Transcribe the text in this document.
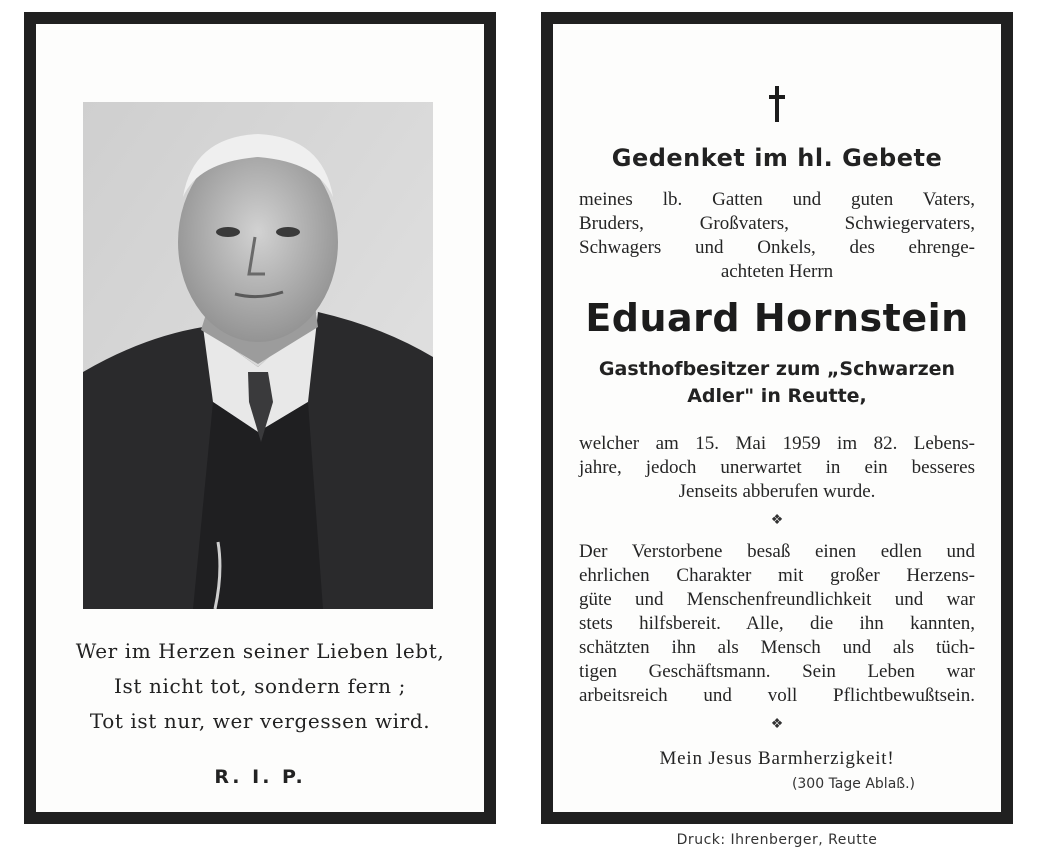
Wer im Herzen seiner Lieben lebt,
Ist nicht tot, sondern fern ;
Tot ist nur, wer vergessen wird.
R. I. P.
Gedenket im hl. Gebete
meines lb. Gatten und guten Vaters,
Bruders, Großvaters, Schwiegervaters,
Schwagers und Onkels, des ehrenge-
achteten Herrn
Eduard Hornstein
Gasthofbesitzer zum „Schwarzen
Adler" in Reutte,
welcher am 15. Mai 1959 im 82. Lebens-
jahre, jedoch unerwartet in ein besseres
Jenseits abberufen wurde.
❖
Der Verstorbene besaß einen edlen und
ehrlichen Charakter mit großer Herzens-
güte und Menschenfreundlichkeit und war
stets hilfsbereit. Alle, die ihn kannten,
schätzten ihn als Mensch und als tüch-
tigen Geschäftsmann. Sein Leben war
arbeitsreich und voll Pflichtbewußtsein.
❖
Mein Jesus Barmherzigkeit!
(300 Tage Ablaß.)
Druck: Ihrenberger, Reutte
